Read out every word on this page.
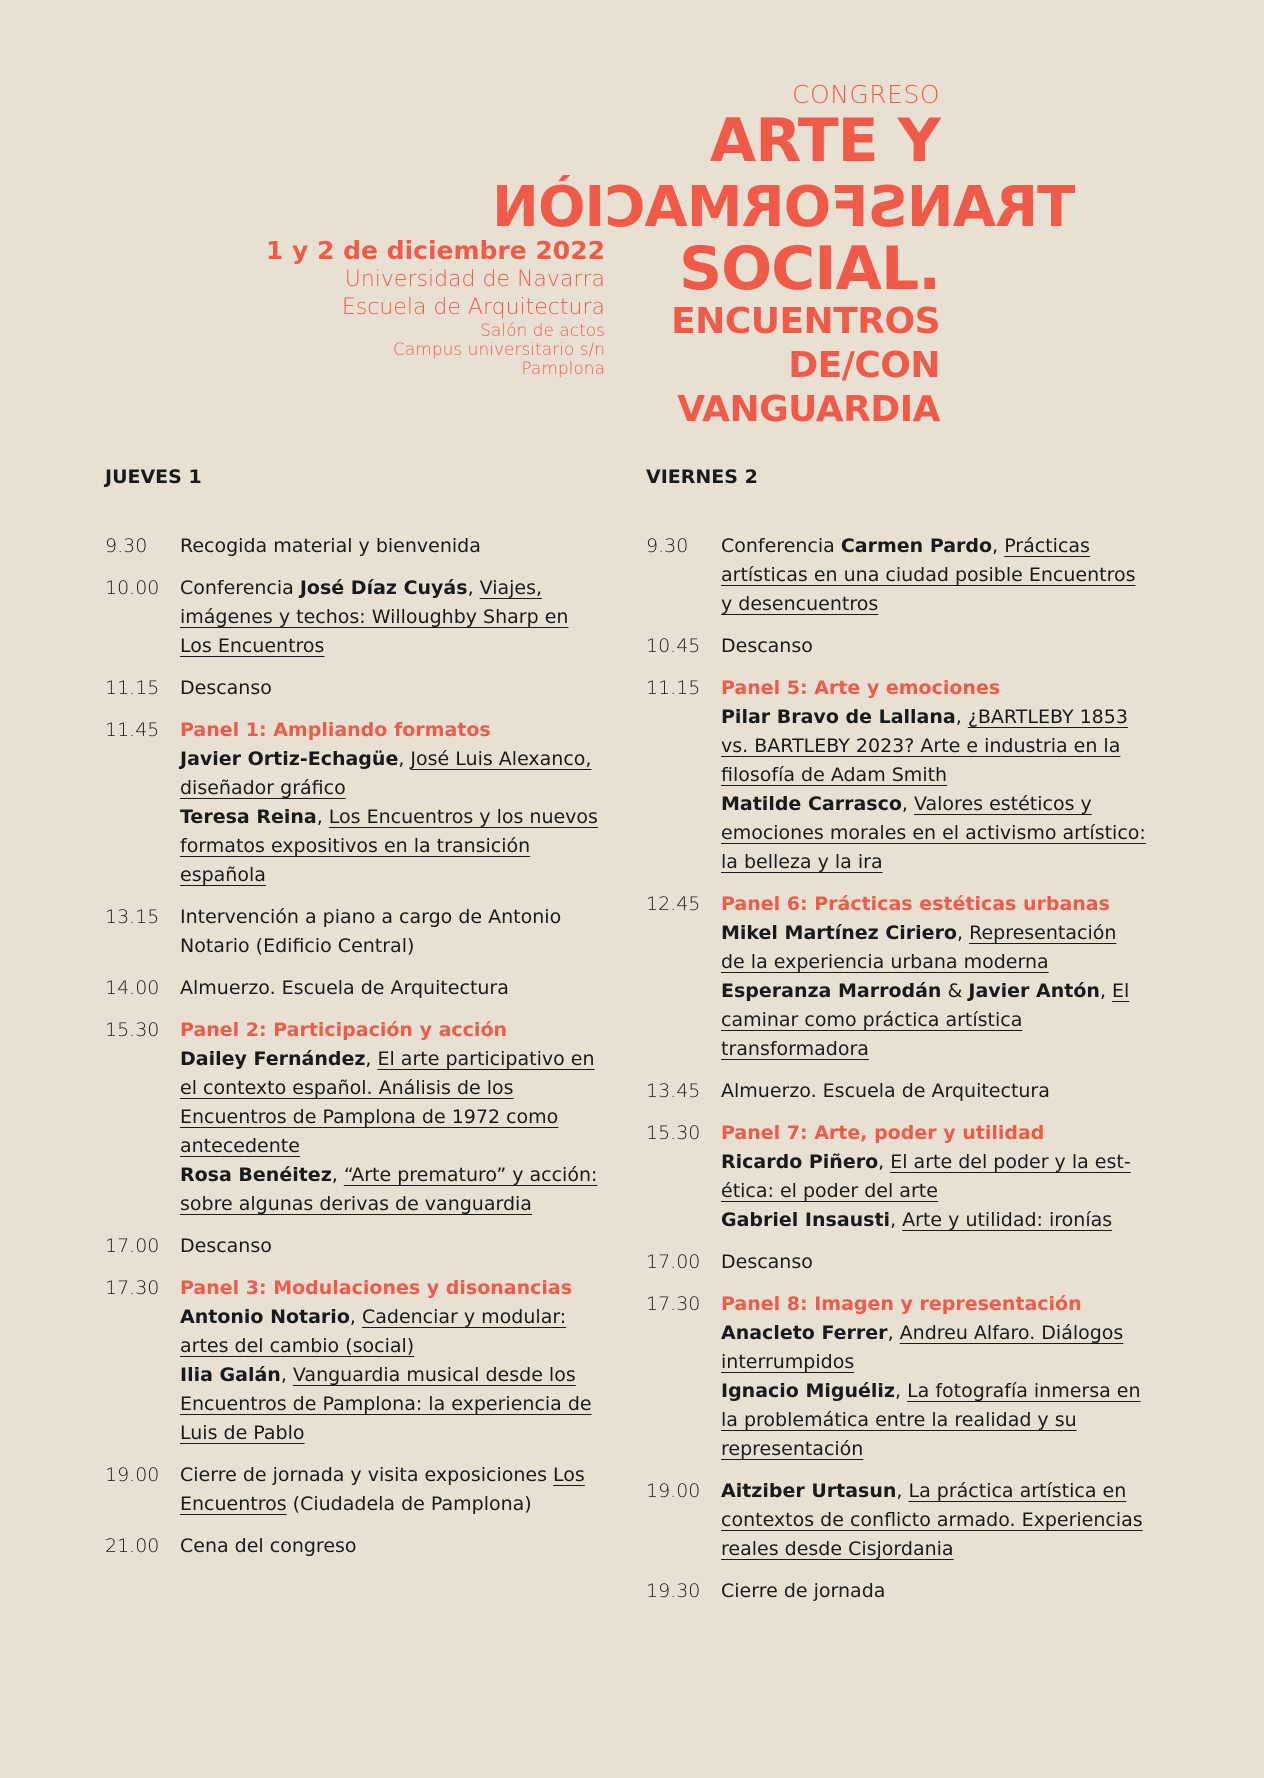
CONGRESO
ARTE Y
TRANSFORMACIÒN
SOCIAL.
ENCUENTROS
DE/CON
VANGUARDIA
1 y 2 de diciembre 2022
Universidad de Navarra
Escuela de Arquitectura
Salón de actos
Campus universitario s/n
Pamplona
JUEVES 1
9.30	Recogida material y bienvenida
10.00	Conferencia José Díaz Cuyás, Viajes, imágenes y techos: Willoughby Sharp en Los Encuentros
11.15	Descanso
11.45	Panel 1: Ampliando formatos
Javier Ortiz-Echagüe, José Luis Alexanco, diseñador gráfico
Teresa Reina, Los Encuentros y los nuevos formatos expositivos en la transición española
13.15	Intervención a piano a cargo de Antonio Notario (Edificio Central)
14.00	Almuerzo. Escuela de Arquitectura
15.30	Panel 2: Participación y acción
Dailey Fernández, El arte participativo en el contexto español. Análisis de los Encuentros de Pamplona de 1972 como antecedente
Rosa Benéitez, “Arte prematuro” y acción: sobre algunas derivas de vanguardia
17.00	Descanso
17.30	Panel 3: Modulaciones y disonancias
Antonio Notario, Cadenciar y modular: artes del cambio (social)
Ilia Galán, Vanguardia musical desde los Encuentros de Pamplona: la experiencia de Luis de Pablo
19.00	Cierre de jornada y visita exposiciones Los Encuentros (Ciudadela de Pamplona)
21.00	Cena del congreso
VIERNES 2
9.30	Conferencia Carmen Pardo, Prácticas artísticas en una ciudad posible Encuentros y desencuentros
10.45	Descanso
11.15	Panel 5: Arte y emociones
Pilar Bravo de Lallana, ¿BARTLEBY 1853 vs. BARTLEBY 2023? Arte e industria en la filosofía de Adam Smith
Matilde Carrasco, Valores estéticos y emociones morales en el activismo artístico: la belleza y la ira
12.45	Panel 6: Prácticas estéticas urbanas
Mikel Martínez Ciriero, Representación de la experiencia urbana moderna
Esperanza Marrodán & Javier Antón, El caminar como práctica artística transformadora
13.45	Almuerzo. Escuela de Arquitectura
15.30	Panel 7: Arte, poder y utilidad
Ricardo Piñero, El arte del poder y la est-ética: el poder del arte
Gabriel Insausti, Arte y utilidad: ironías
17.00	Descanso
17.30	Panel 8: Imagen y representación
Anacleto Ferrer, Andreu Alfaro. Diálogos interrumpidos
Ignacio Miguéliz, La fotografía inmersa en la problemática entre la realidad y su representación
19.00	Aitziber Urtasun, La práctica artística en contextos de conflicto armado. Experiencias reales desde Cisjordania
19.30	Cierre de jornada
